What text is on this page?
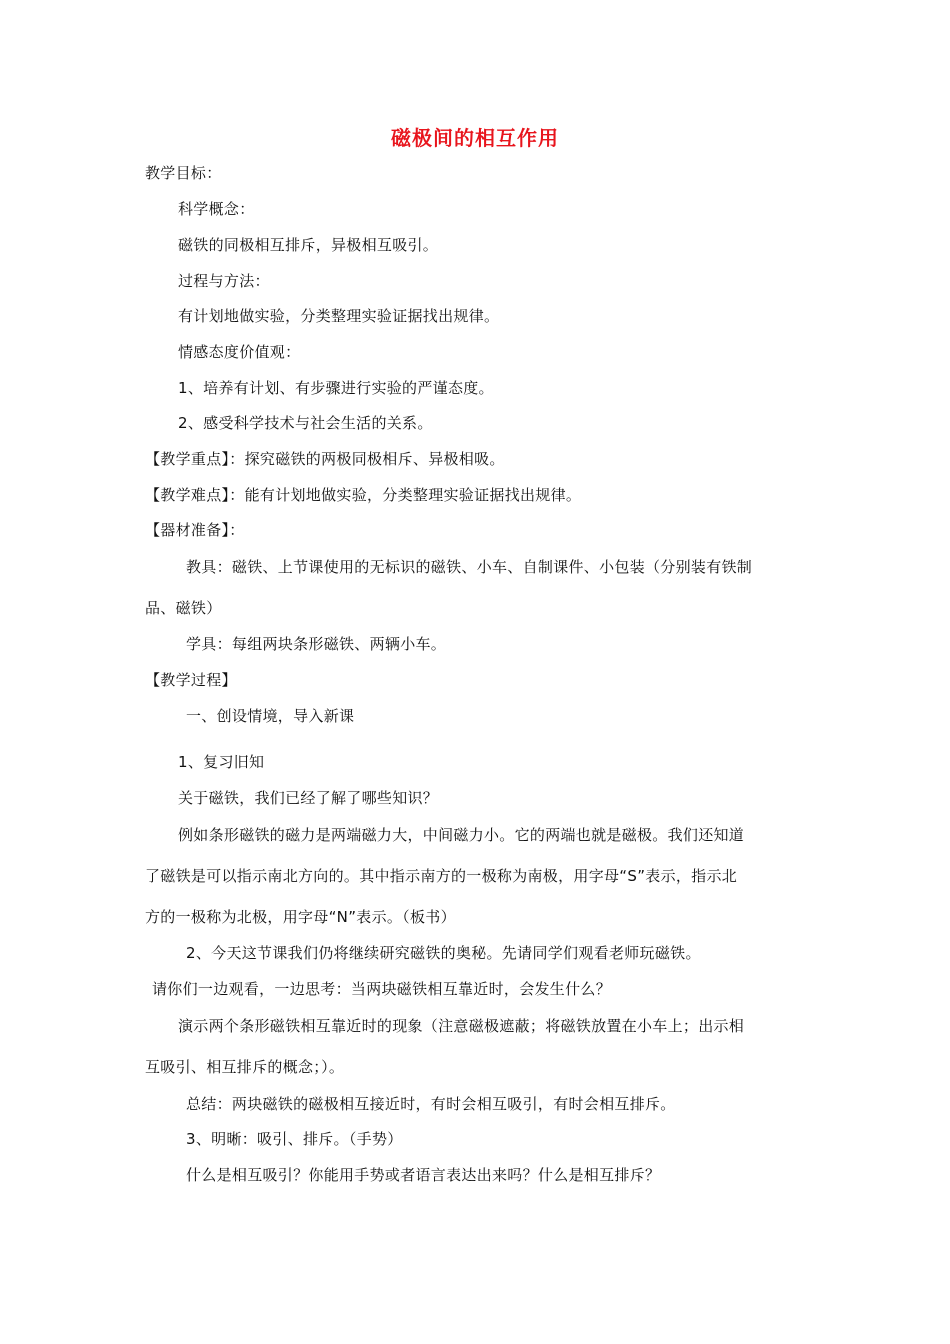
磁极间的相互作用
教学目标：
科学概念：
磁铁的同极相互排斥，异极相互吸引。
过程与方法：
有计划地做实验，分类整理实验证据找出规律。
情感态度价值观：
1、培养有计划、有步骤进行实验的严谨态度。
2、感受科学技术与社会生活的关系。
【教学重点】：探究磁铁的两极同极相斥、异极相吸。
【教学难点】：能有计划地做实验，分类整理实验证据找出规律。
【器材准备】：
教具：磁铁、上节课使用的无标识的磁铁、小车、自制课件、小包装（分别装有铁制
品、磁铁）
学具：每组两块条形磁铁、两辆小车。
【教学过程】
一、创设情境，导入新课
1、复习旧知
关于磁铁，我们已经了解了哪些知识？
例如条形磁铁的磁力是两端磁力大，中间磁力小。它的两端也就是磁极。我们还知道
了磁铁是可以指示南北方向的。其中指示南方的一极称为南极，用字母“S”表示，指示北
方的一极称为北极，用字母“N”表示。（板书）
2、今天这节课我们仍将继续研究磁铁的奥秘。先请同学们观看老师玩磁铁。
请你们一边观看，一边思考：当两块磁铁相互靠近时，会发生什么？
演示两个条形磁铁相互靠近时的现象（注意磁极遮蔽；将磁铁放置在小车上；出示相
互吸引、相互排斥的概念；）。
总结：两块磁铁的磁极相互接近时，有时会相互吸引，有时会相互排斥。
3、明晰：吸引、排斥。（手势）
什么是相互吸引？你能用手势或者语言表达出来吗？什么是相互排斥？
